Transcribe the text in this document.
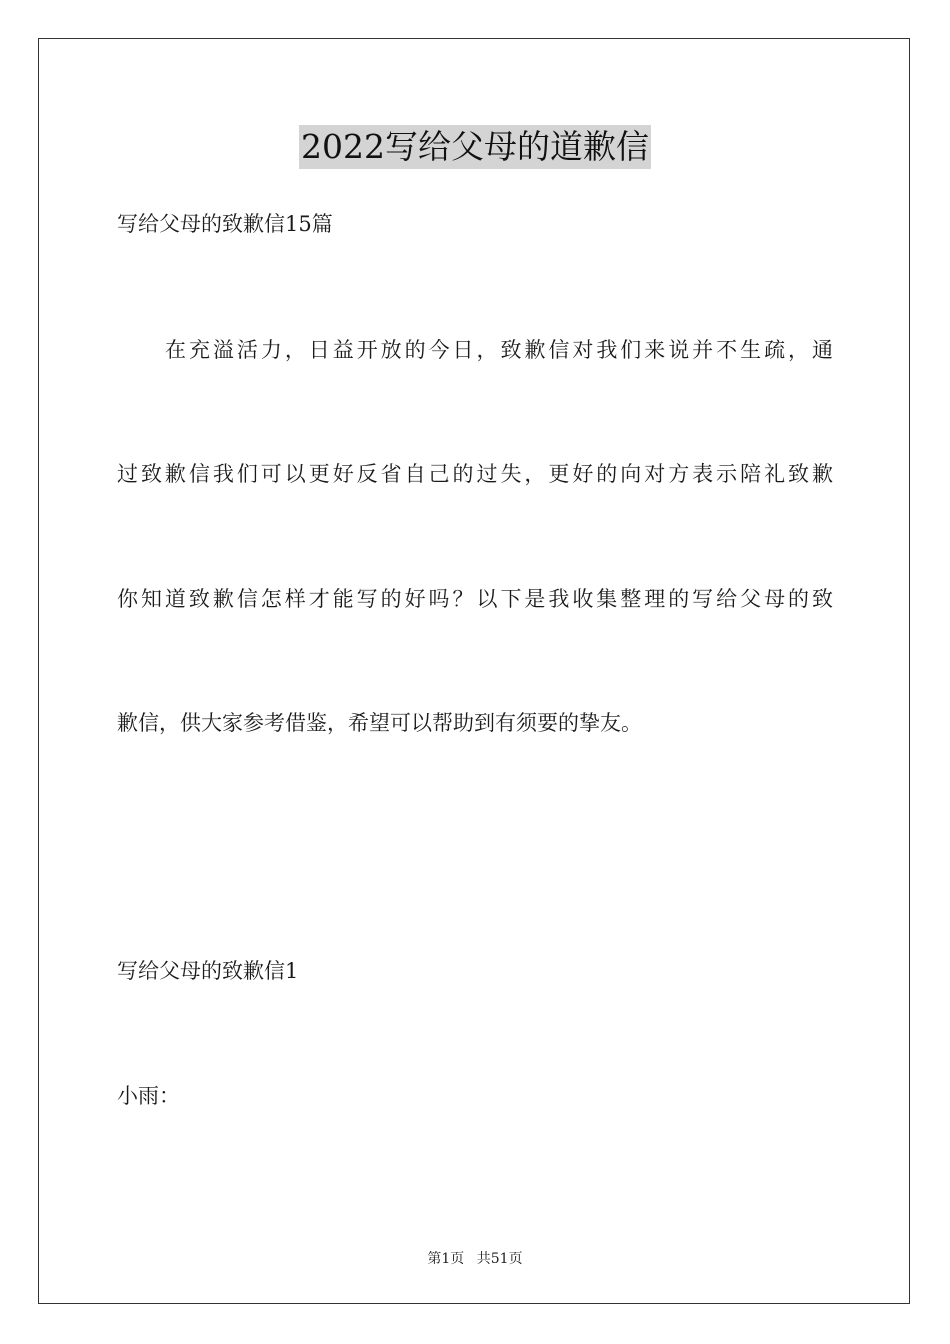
2022写给父母的道歉信
写给父母的致歉信15篇
在充溢活力，日益开放的今日，致歉信对我们来说并不生疏，通
过致歉信我们可以更好反省自己的过失，更好的向对方表示陪礼致歉
你知道致歉信怎样才能写的好吗？以下是我收集整理的写给父母的致
歉信，供大家参考借鉴，希望可以帮助到有须要的挚友。
写给父母的致歉信1
小雨：
第1页 共51页
